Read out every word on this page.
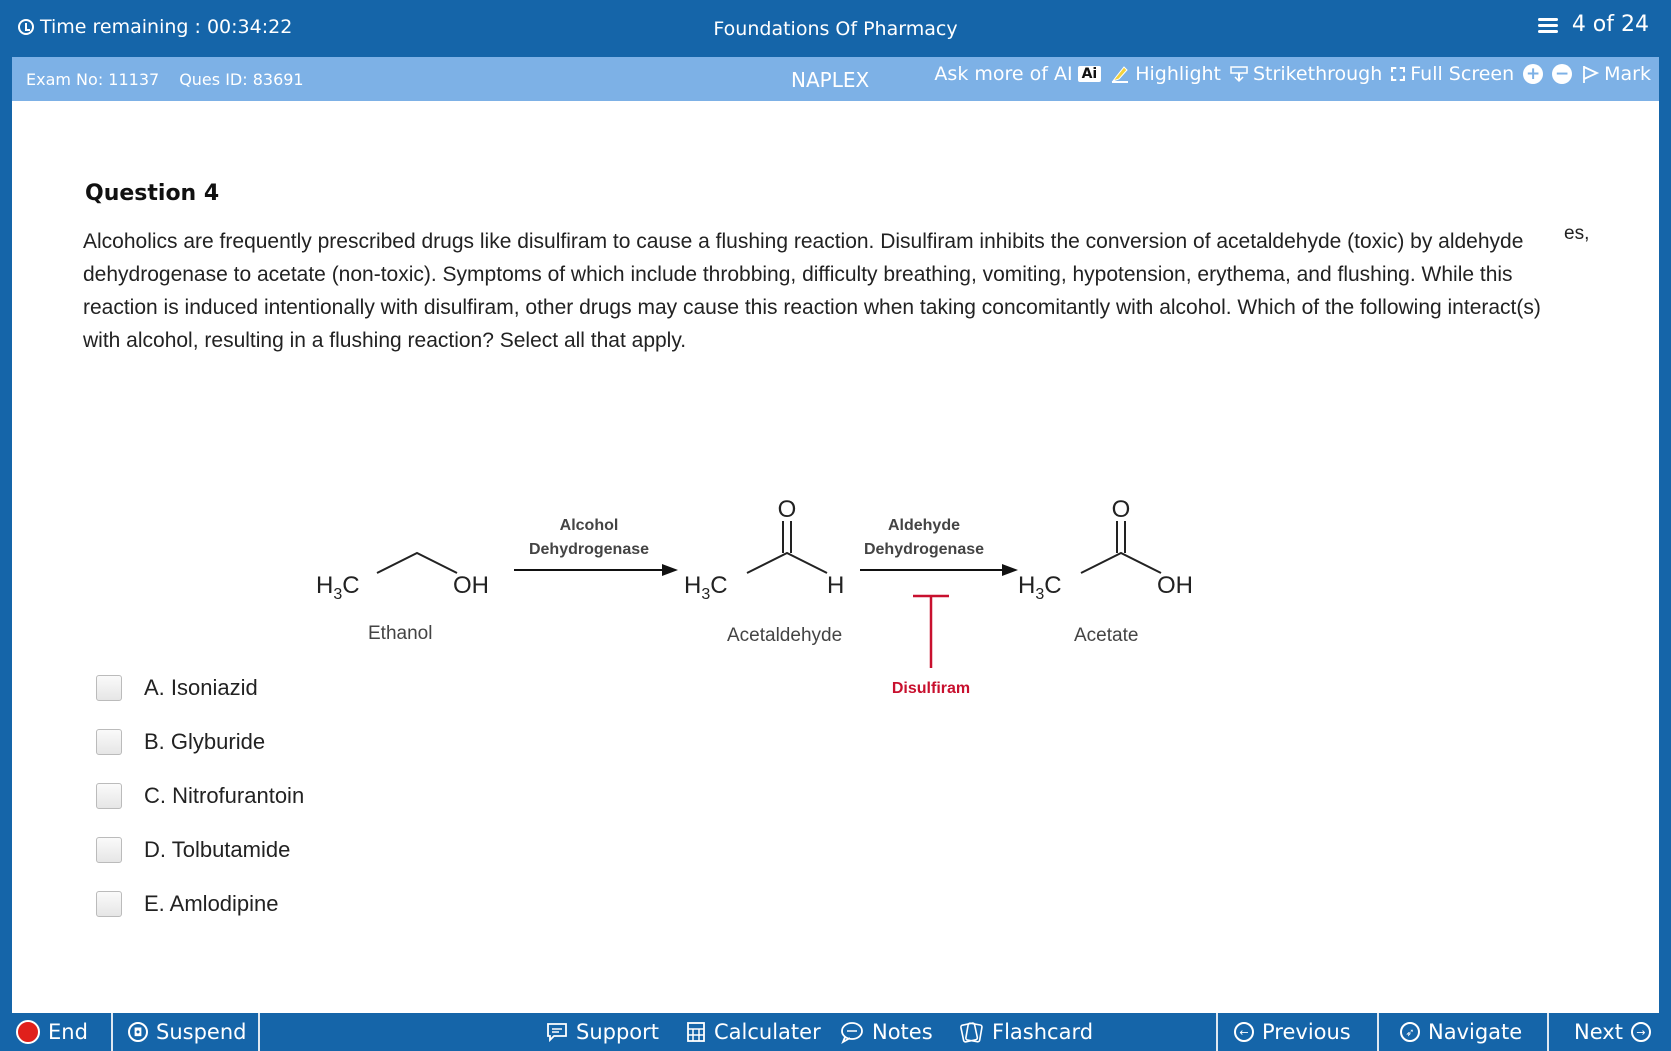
Time remaining : 00:34:22	Foundations Of Pharmacy	4 of 24
Exam No: 11137 Ques ID: 83691	NAPLEX	Ask more of AI Ai Highlight Strikethrough Full Screen + − Mark
Question 4
Alcoholics are frequently prescribed drugs like disulfiram to cause a flushing reaction. Disulfiram inhibits the conversion of acetaldehyde (toxic) by aldehyde dehydrogenase to acetate (non-toxic). Symptoms of which include throbbing, difficulty breathing, vomiting, hypotension, erythema, and flushing. While this reaction is induced intentionally with disulfiram, other drugs may cause this reaction when taking concomitantly with alcohol. Which of the following interact(s) with alcohol, resulting in a flushing reaction? Select all that apply.
es,
$H_3C$	OH
Ethanol
Alcohol
Dehydrogenase
$H_3C$
O
H
Acetaldehyde
Aldehyde
Dehydrogenase
Disulfiram
$H_3C$
O
OH
Acetate
A. Isoniazid
B. Glyburide
C. Nitrofurantoin
D. Tolbutamide
E. Amlodipine
End	◘ Suspend	Support	Calculater Notes	Flashcard	← Previous	➶ Navigate Next	→
